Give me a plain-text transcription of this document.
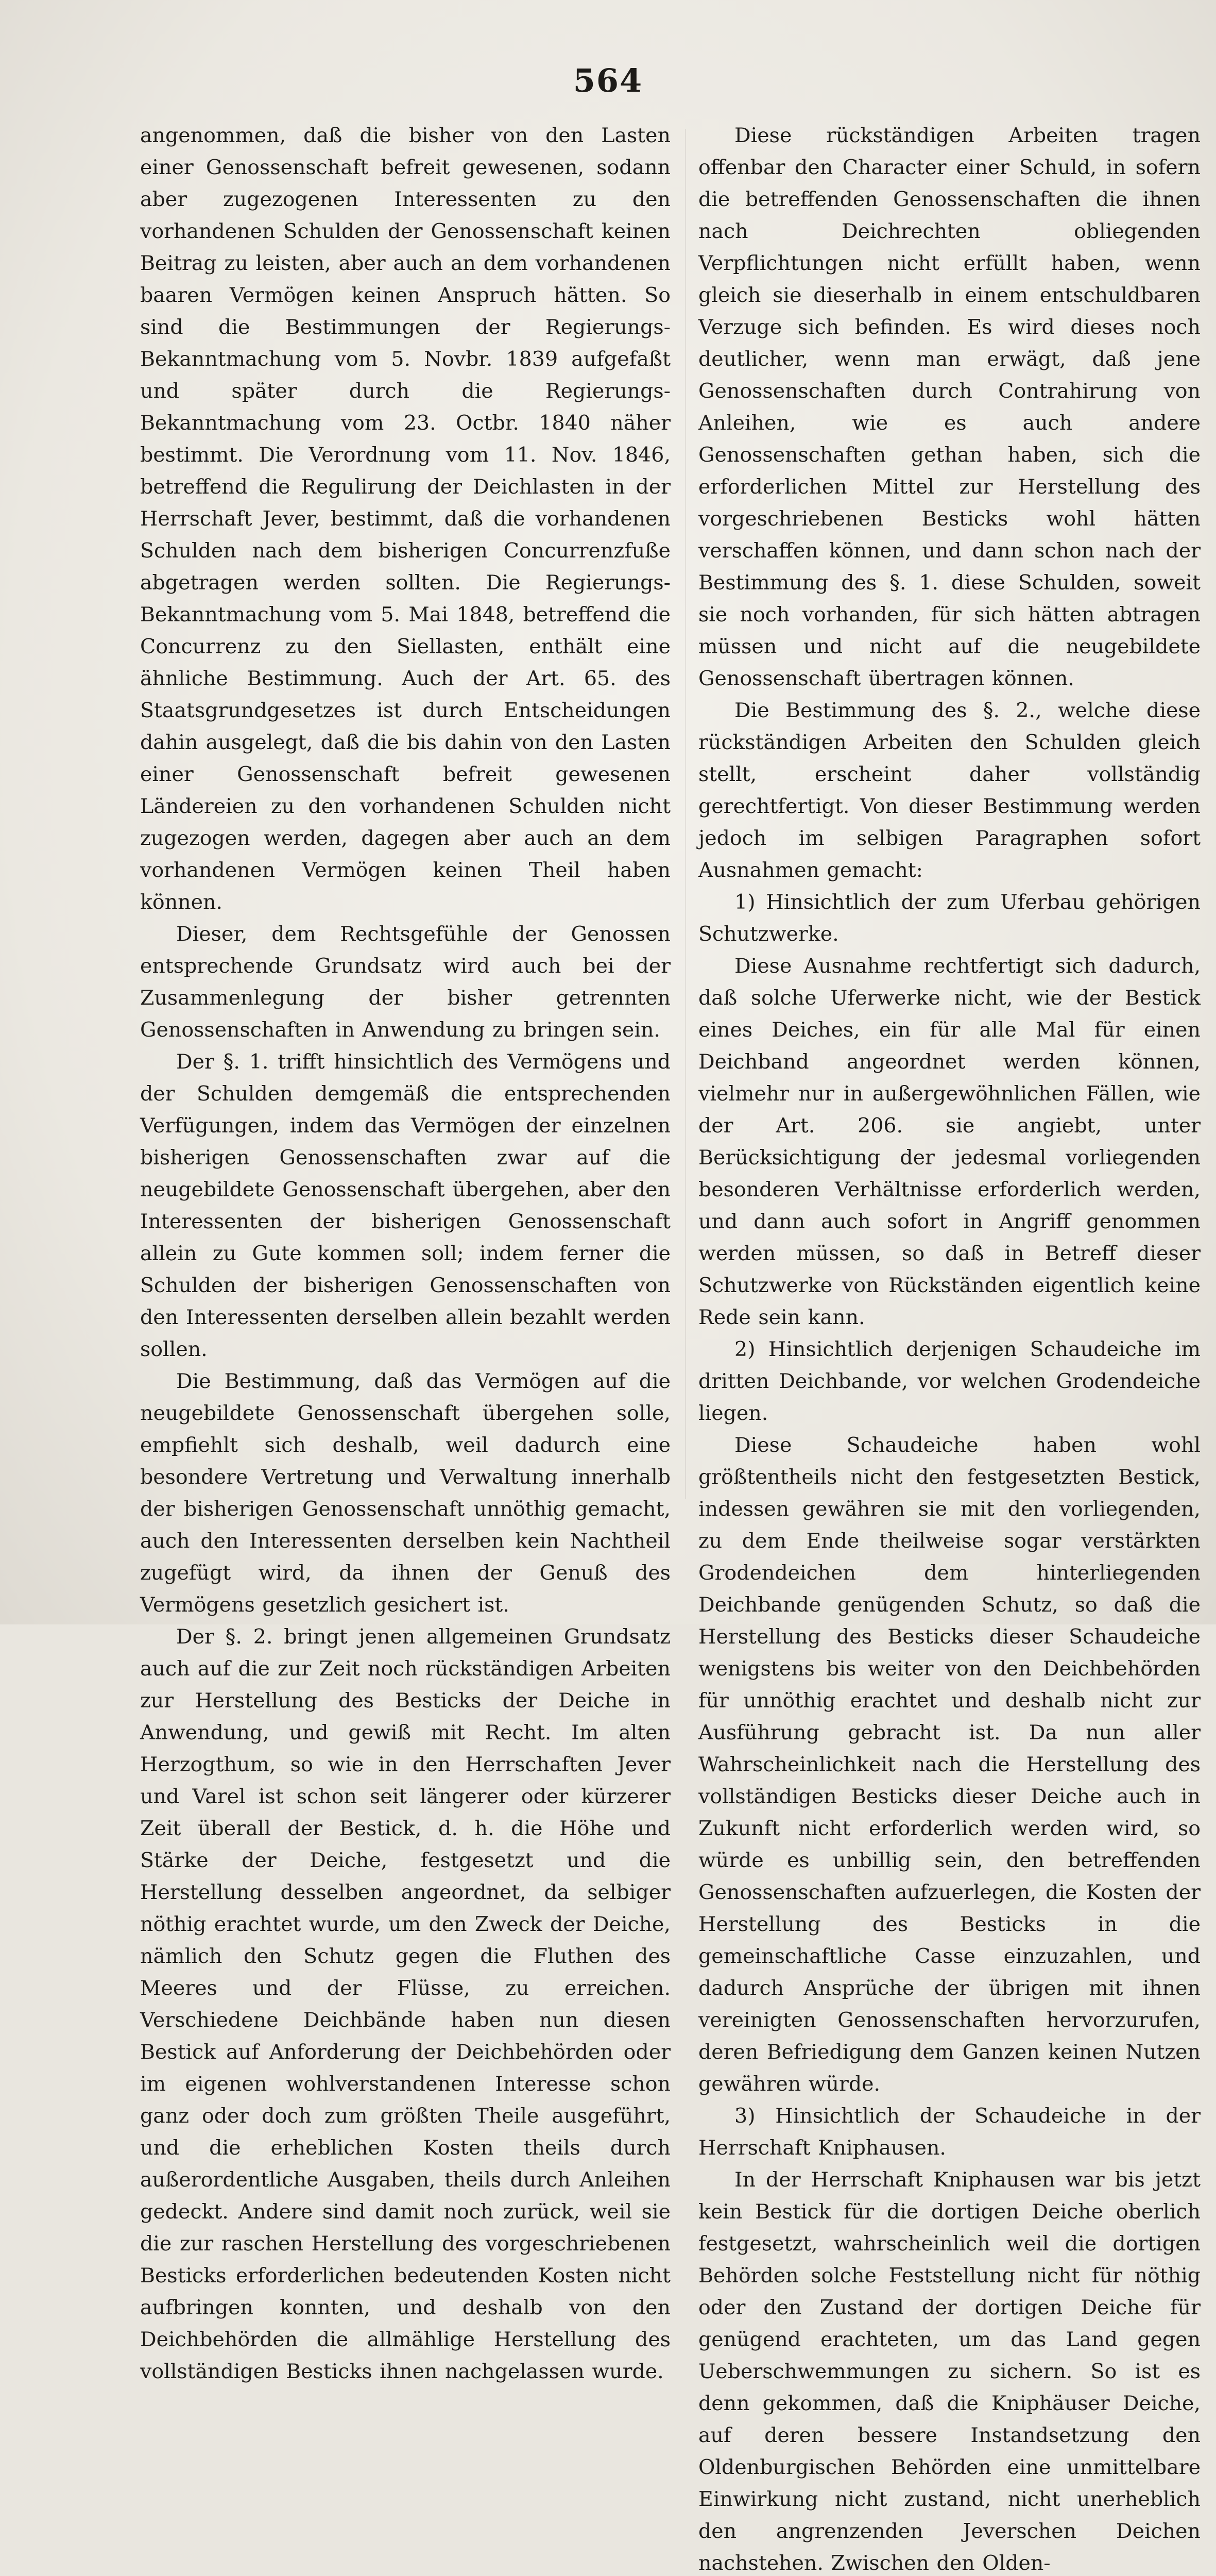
564

angenommen, daß die bisher von den Lasten einer Genossenschaft befreit gewesenen, sodann aber zugezogenen Interessenten zu den vorhandenen Schulden der Genossenschaft keinen Beitrag zu leisten, aber auch an dem vorhandenen baaren Vermögen keinen Anspruch hätten. So sind die Bestimmungen der Regierungs-Bekanntmachung vom 5. Novbr. 1839 aufgefaßt und später durch die Regierungs-Bekanntmachung vom 23. Octbr. 1840 näher bestimmt. Die Verordnung vom 11. Nov. 1846, betreffend die Regulirung der Deichlasten in der Herrschaft Jever, bestimmt, daß die vorhandenen Schulden nach dem bisherigen Concurrenzfuße abgetragen werden sollten. Die Regierungs-Bekanntmachung vom 5. Mai 1848, betreffend die Concurrenz zu den Siellasten, enthält eine ähnliche Bestimmung. Auch der Art. 65. des Staatsgrundgesetzes ist durch Entscheidungen dahin ausgelegt, daß die bis dahin von den Lasten einer Genossenschaft befreit gewesenen Ländereien zu den vorhandenen Schulden nicht zugezogen werden, dagegen aber auch an dem vorhandenen Vermögen keinen Theil haben können.

Dieser, dem Rechtsgefühle der Genossen entsprechende Grundsatz wird auch bei der Zusammenlegung der bisher getrennten Genossenschaften in Anwendung zu bringen sein.

Der §. 1. trifft hinsichtlich des Vermögens und der Schulden demgemäß die entsprechenden Verfügungen, indem das Vermögen der einzelnen bisherigen Genossenschaften zwar auf die neugebildete Genossenschaft übergehen, aber den Interessenten der bisherigen Genossenschaft allein zu Gute kommen soll; indem ferner die Schulden der bisherigen Genossenschaften von den Interessenten derselben allein bezahlt werden sollen.

Die Bestimmung, daß das Vermögen auf die neugebildete Genossenschaft übergehen solle, empfiehlt sich deshalb, weil dadurch eine besondere Vertretung und Verwaltung innerhalb der bisherigen Genossenschaft unnöthig gemacht, auch den Interessenten derselben kein Nachtheil zugefügt wird, da ihnen der Genuß des Vermögens gesetzlich gesichert ist.

Der §. 2. bringt jenen allgemeinen Grundsatz auch auf die zur Zeit noch rückständigen Arbeiten zur Herstellung des Besticks der Deiche in Anwendung, und gewiß mit Recht. Im alten Herzogthum, so wie in den Herrschaften Jever und Varel ist schon seit längerer oder kürzerer Zeit überall der Bestick, d. h. die Höhe und Stärke der Deiche, festgesetzt und die Herstellung desselben angeordnet, da selbiger nöthig erachtet wurde, um den Zweck der Deiche, nämlich den Schutz gegen die Fluthen des Meeres und der Flüsse, zu erreichen. Verschiedene Deichbände haben nun diesen Bestick auf Anforderung der Deichbehörden oder im eigenen wohlverstandenen Interesse schon ganz oder doch zum größten Theile ausgeführt, und die erheblichen Kosten theils durch außerordentliche Ausgaben, theils durch Anleihen gedeckt. Andere sind damit noch zurück, weil sie die zur raschen Herstellung des vorgeschriebenen Besticks erforderlichen bedeutenden Kosten nicht aufbringen konnten, und deshalb von den Deichbehörden die allmählige Herstellung des vollständigen Besticks ihnen nachgelassen wurde.

Diese rückständigen Arbeiten tragen offenbar den Character einer Schuld, in sofern die betreffenden Genossenschaften die ihnen nach Deichrechten obliegenden Verpflichtungen nicht erfüllt haben, wenn gleich sie dieserhalb in einem entschuldbaren Verzuge sich befinden. Es wird dieses noch deutlicher, wenn man erwägt, daß jene Genossenschaften durch Contrahirung von Anleihen, wie es auch andere Genossenschaften gethan haben, sich die erforderlichen Mittel zur Herstellung des vorgeschriebenen Besticks wohl hätten verschaffen können, und dann schon nach der Bestimmung des §. 1. diese Schulden, soweit sie noch vorhanden, für sich hätten abtragen müssen und nicht auf die neugebildete Genossenschaft übertragen können.

Die Bestimmung des §. 2., welche diese rückständigen Arbeiten den Schulden gleich stellt, erscheint daher vollständig gerechtfertigt. Von dieser Bestimmung werden jedoch im selbigen Paragraphen sofort Ausnahmen gemacht:

1) Hinsichtlich der zum Uferbau gehörigen Schutzwerke.

Diese Ausnahme rechtfertigt sich dadurch, daß solche Uferwerke nicht, wie der Bestick eines Deiches, ein für alle Mal für einen Deichband angeordnet werden können, vielmehr nur in außergewöhnlichen Fällen, wie der Art. 206. sie angiebt, unter Berücksichtigung der jedesmal vorliegenden besonderen Verhältnisse erforderlich werden, und dann auch sofort in Angriff genommen werden müssen, so daß in Betreff dieser Schutzwerke von Rückständen eigentlich keine Rede sein kann.

2) Hinsichtlich derjenigen Schaudeiche im dritten Deichbande, vor welchen Grodendeiche liegen.

Diese Schaudeiche haben wohl größtentheils nicht den festgesetzten Bestick, indessen gewähren sie mit den vorliegenden, zu dem Ende theilweise sogar verstärkten Grodendeichen dem hinterliegenden Deichbande genügenden Schutz, so daß die Herstellung des Besticks dieser Schaudeiche wenigstens bis weiter von den Deichbehörden für unnöthig erachtet und deshalb nicht zur Ausführung gebracht ist. Da nun aller Wahrscheinlichkeit nach die Herstellung des vollständigen Besticks dieser Deiche auch in Zukunft nicht erforderlich werden wird, so würde es unbillig sein, den betreffenden Genossenschaften aufzuerlegen, die Kosten der Herstellung des Besticks in die gemeinschaftliche Casse einzuzahlen, und dadurch Ansprüche der übrigen mit ihnen vereinigten Genossenschaften hervorzurufen, deren Befriedigung dem Ganzen keinen Nutzen gewähren würde.

3) Hinsichtlich der Schaudeiche in der Herrschaft Kniphausen.

In der Herrschaft Kniphausen war bis jetzt kein Bestick für die dortigen Deiche oberlich festgesetzt, wahrscheinlich weil die dortigen Behörden solche Feststellung nicht für nöthig oder den Zustand der dortigen Deiche für genügend erachteten, um das Land gegen Ueberschwemmungen zu sichern. So ist es denn gekommen, daß die Kniphäuser Deiche, auf deren bessere Instandsetzung den Oldenburgischen Behörden eine unmittelbare Einwirkung nicht zustand, nicht unerheblich den angrenzenden Jeverschen Deichen nachstehen. Zwischen den Olden-
